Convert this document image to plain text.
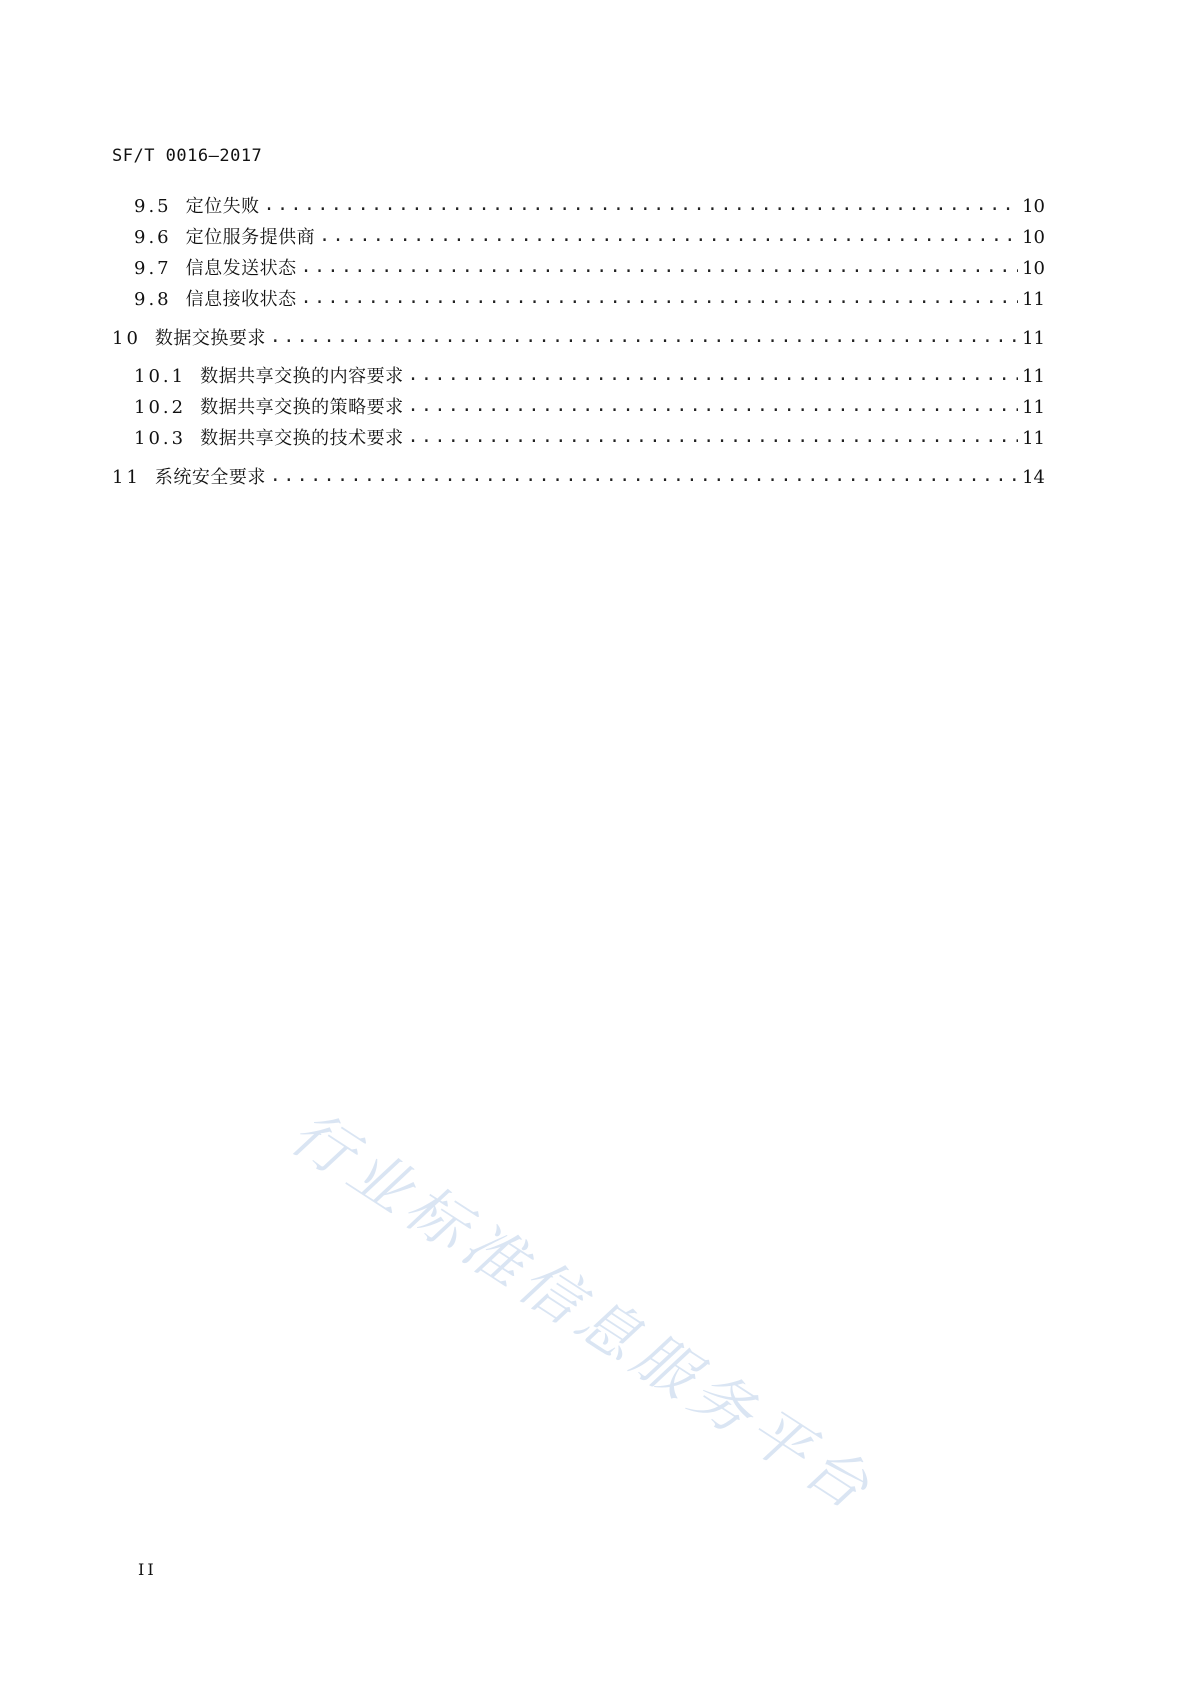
SF/T 0016—2017
9.5 定位失败 .....	10
9.6 定位服务提供商 .....	10
9.7 信息发送状态 .....	10
9.8 信息接收状态 .....	11
10 数据交换要求 .....	11
10.1 数据共享交换的内容要求 .....	11
10.2 数据共享交换的策略要求 .....	11
10.3 数据共享交换的技术要求 .....	11
11 系统安全要求 .....	14
行业标准信息服务平台
II
